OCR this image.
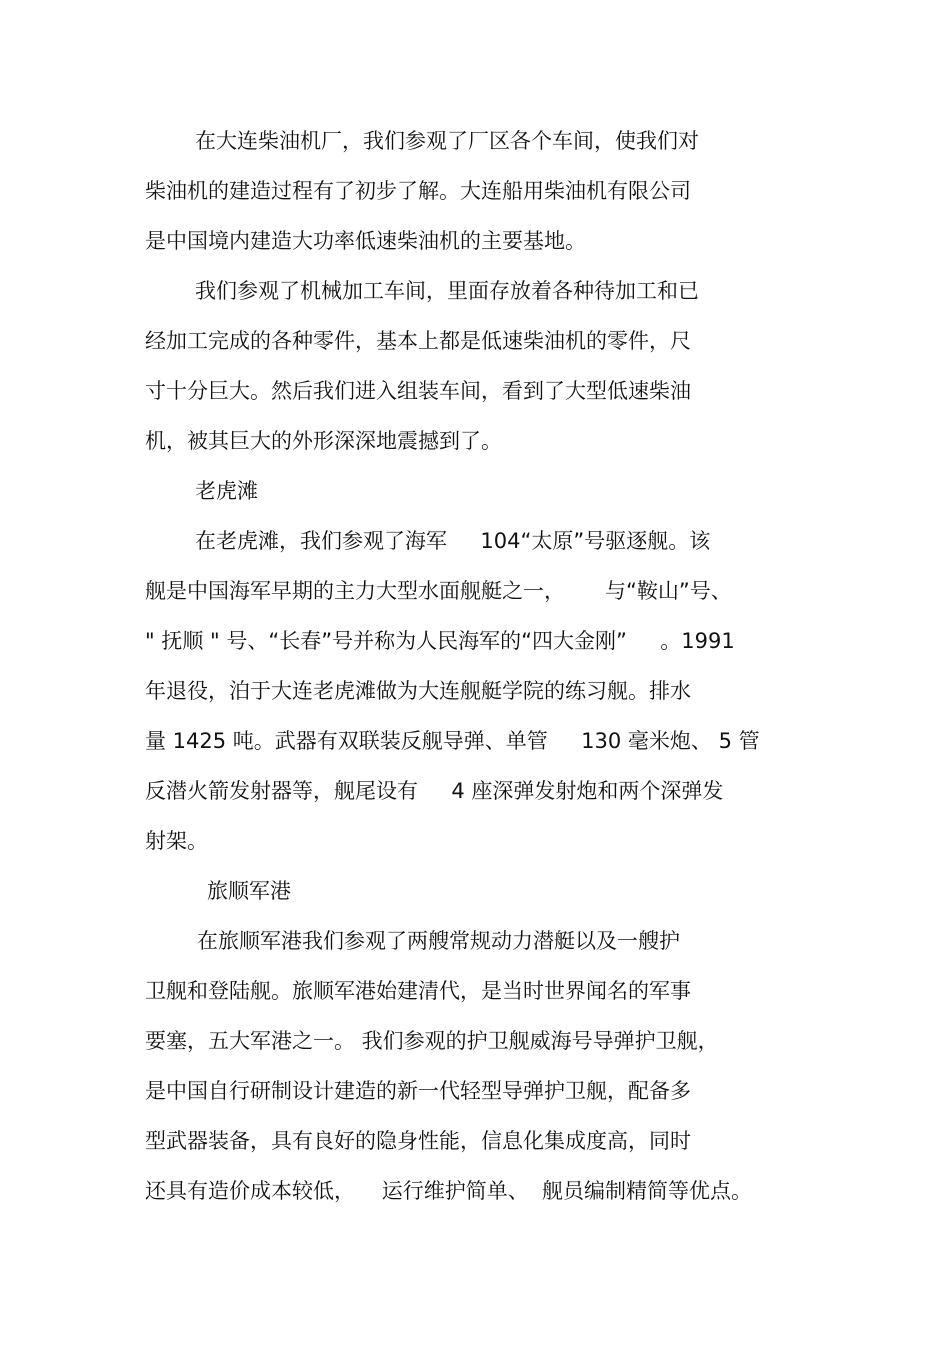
在大连柴油机厂，我们参观了厂区各个车间，使我们对
柴油机的建造过程有了初步了解。大连船用柴油机有限公司
是中国境内建造大功率低速柴油机的主要基地。
我们参观了机械加工车间，里面存放着各种待加工和已
经加工完成的各种零件，基本上都是低速柴油机的零件，尺
寸十分巨大。然后我们进入组装车间，看到了大型低速柴油
机，被其巨大的外形深深地震撼到了。
老虎滩
在老虎滩，我们参观了海军     104“太原”号驱逐舰。该
舰是中国海军早期的主力大型水面舰艇之一，      与“鞍山”号、
" 抚顺 " 号、“长春”号并称为人民海军的“四大金刚”     。1991
年退役，泊于大连老虎滩做为大连舰艇学院的练习舰。排水
量 1425 吨。武器有双联装反舰导弹、单管     130 毫米炮、 5 管
反潜火箭发射器等，舰尾设有     4 座深弹发射炮和两个深弹发
射架。
旅顺军港
在旅顺军港我们参观了两艘常规动力潜艇以及一艘护
卫舰和登陆舰。旅顺军港始建清代，是当时世界闻名的军事
要塞，五大军港之一。 我们参观的护卫舰威海号导弹护卫舰，
是中国自行研制设计建造的新一代轻型导弹护卫舰，配备多
型武器装备，具有良好的隐身性能，信息化集成度高，同时
还具有造价成本较低，    运行维护简单、  舰员编制精简等优点。
